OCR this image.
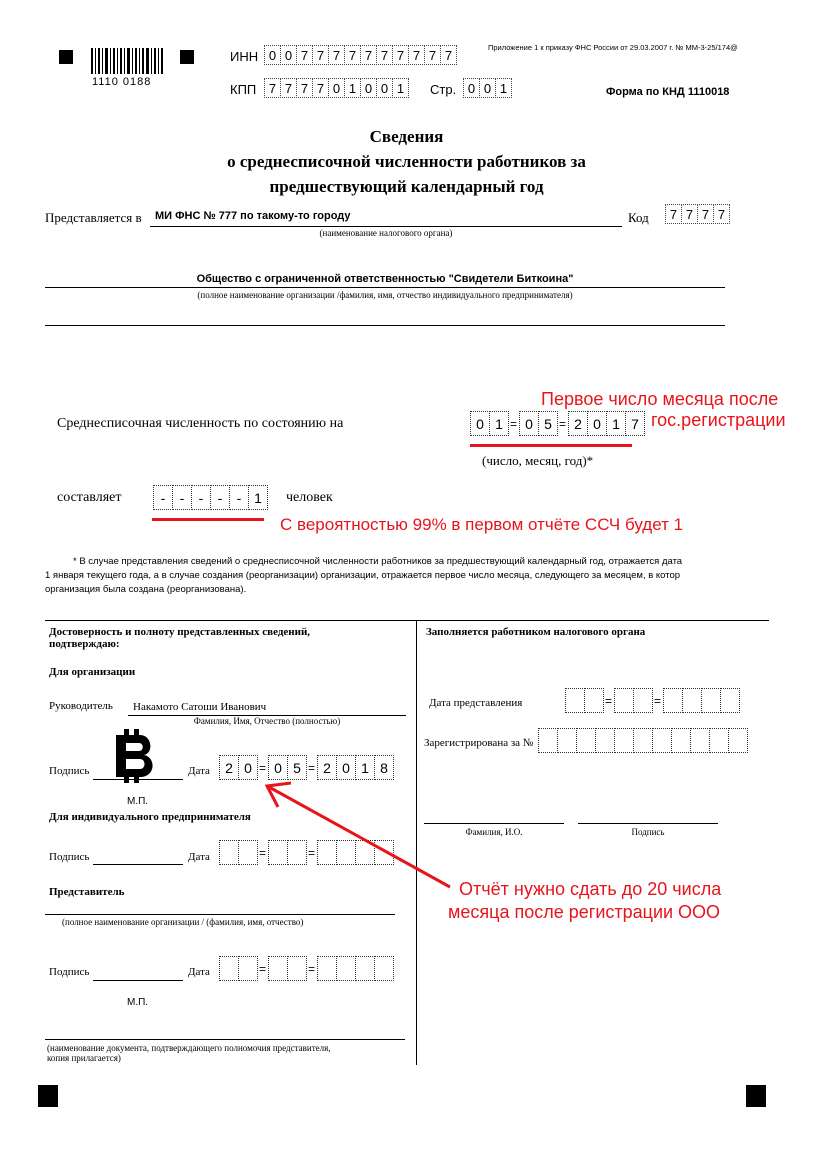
1110 0188
ИНН 0 0 7 7 7 7 7 7 7 7 7 7	Приложение 1 к приказу ФНС России от 29.03.2007 г. № ММ-3-25/174@
КПП 7 7 7 7 0 1 0 0 1	Стр. 0 0 1	Форма по КНД 1110018
Сведения
о среднесписочной численности работников за
предшествующий календарный год
Представляется в МИ ФНС № 777 по такому-то городу
(наименование налогового органа)
Код	7 7 7 7
Общество с ограниченной ответственностью "Свидетели Биткоина"
(полное наименование организации /фамилия, имя, отчество индивидуального предпринимателя)
Среднесписочная численность по состоянию на	0 1 = 0 5 = 2 0 1 7
(число, месяц, год)*
Первое число месяца после
гос.регистрации
составляет	-	-	-	-	- 1	человек
С вероятностью 99% в первом отчёте ССЧ будет 1
* В случае представления сведений о среднесписочной численности работников за предшествующий календарный год, отражается дата
1 января текущего года, а в случае создания (реорганизации) организации, отражается первое число месяца, следующего за месяцем, в котор
организация была создана (реорганизована).
Достоверность и полноту представленных сведений,
подтверждаю:
Для организации
Руководитель Накамото Сатоши Иванович
Фамилия, Имя, Отчество (полностью)
Подпись	Дата	2 0 = 0 5 = 2 0 1 8
М.П.
Для индивидуального предпринимателя
Подпись	Дата	=	=
Представитель
(полное наименование организации / (фамилия, имя, отчество)
Подпись	Дата	=	=
М.П.
(наименование документа, подтверждающего полномочия представителя,
копия прилагается)
Заполняется работником налогового органа
Дата представления	=	=
Зарегистрирована за №
Фамилия, И.О.	Подпись
Отчёт нужно сдать до 20 числа
месяца после регистрации ООО
